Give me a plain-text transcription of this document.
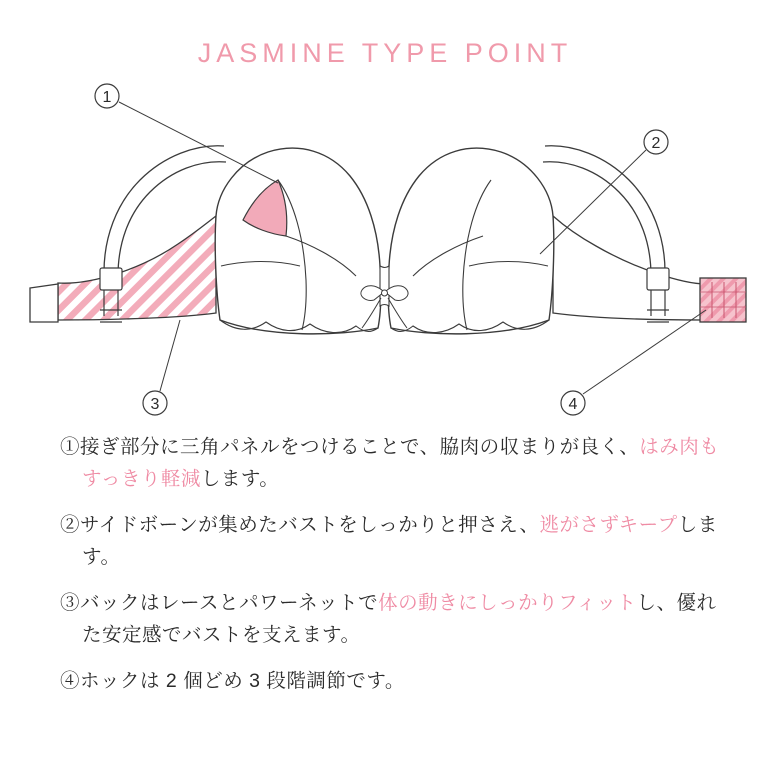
JASMINE TYPE POINT
1
2
3	4
①接ぎ部分に三角パネルをつけることで、脇肉の収まりが良く、はみ肉もすっきり軽減します。
②サイドボーンが集めたバストをしっかりと押さえ、逃がさずキープします。
③バックはレースとパワーネットで体の動きにしっかりフィットし、優れた安定感でバストを支えます。
④ホックは 2 個どめ 3 段階調節です。
